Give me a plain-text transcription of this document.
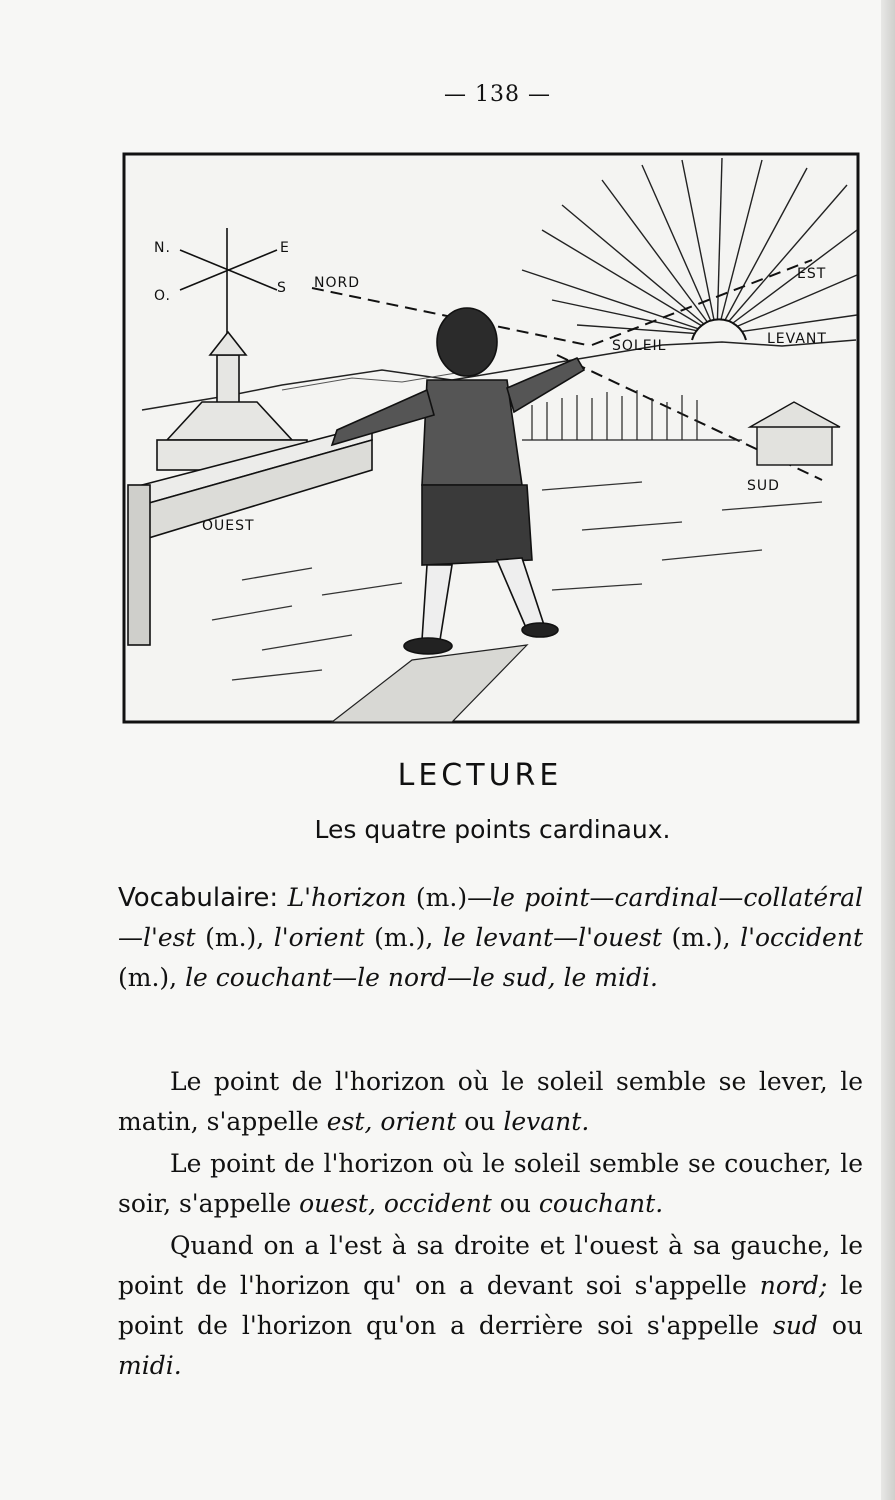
— 138 —
N.	E
O.	S NORD
EST
SOLEIL	LEVANT
SUD
OUEST
LECTURE
Les quatre points cardinaux.
Vocabulaire: L'horizon (m.)—le point—cardinal—collatéral—l'est (m.), l'orient (m.), le levant—l'ouest (m.), l'occident (m.), le couchant—le nord—le sud, le midi.

Le point de l'horizon où le soleil semble se lever, le matin, s'appelle est, orient ou levant.

Le point de l'horizon où le soleil semble se coucher, le soir, s'appelle ouest, occident ou couchant.

Quand on a l'est à sa droite et l'ouest à sa gauche, le point de l'horizon qu' on a devant soi s'appelle nord; le point de l'horizon qu'on a derrière soi s'appelle sud ou midi.
